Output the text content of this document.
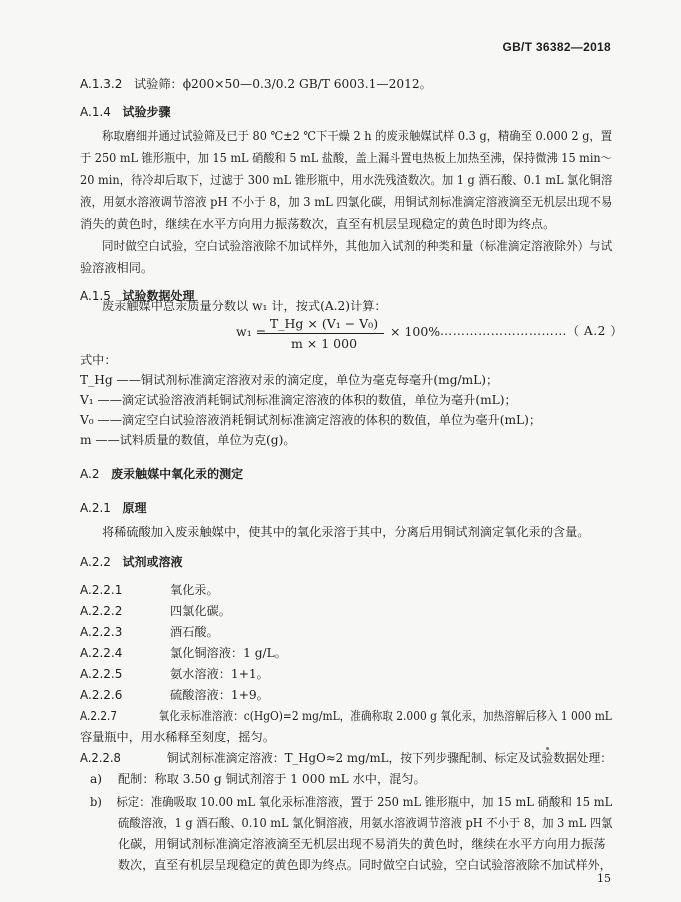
GB/T 36382—2018
A.1.3.2 试验筛：ϕ200×50—0.3/0.2 GB/T 6003.1—2012。
A.1.4 试验步骤
称取磨细并通过试验筛及已于 80 ℃±2 ℃下干燥 2 h 的废汞触媒试样 0.3 g，精确至 0.000 2 g，置
于 250 mL 锥形瓶中，加 15 mL 硝酸和 5 mL 盐酸，盖上漏斗置电热板上加热至沸，保持微沸 15 min～
20 min，待冷却后取下，过滤于 300 mL 锥形瓶中，用水洗残渣数次。加 1 g 酒石酸、0.1 mL 氯化铜溶
液，用氨水溶液调节溶液 pH 不小于 8，加 3 mL 四氯化碳，用铜试剂标准滴定溶液滴至无机层出现不易
消失的黄色时，继续在水平方向用力振荡数次，直至有机层呈现稳定的黄色时即为终点。
同时做空白试验，空白试验溶液除不加试样外，其他加入试剂的种类和量（标准滴定溶液除外）与试
验溶液相同。
A.1.5 试验数据处理
废汞触媒中总汞质量分数以 w₁ 计，按式(A.2)计算：
w₁ =
T_Hg × (V₁ − V₀)
m × 1 000
× 100% …………………………（ A.2 ）
式中：
T_Hg ——铜试剂标准滴定溶液对汞的滴定度，单位为毫克每毫升(mg/mL)；
V₁ ——滴定试验溶液消耗铜试剂标准滴定溶液的体积的数值，单位为毫升(mL)；
V₀ ——滴定空白试验溶液消耗铜试剂标准滴定溶液的体积的数值，单位为毫升(mL)；
m ——试料质量的数值，单位为克(g)。
A.2 废汞触媒中氧化汞的测定
A.2.1 原理
将稀硫酸加入废汞触媒中，使其中的氧化汞溶于其中，分离后用铜试剂滴定氧化汞的含量。
A.2.2 试剂或溶液
A.2.2.1	氧化汞。
A.2.2.2	四氯化碳。
A.2.2.3	酒石酸。
A.2.2.4	氯化铜溶液：1 g/L。
A.2.2.5	氨水溶液：1+1。
A.2.2.6	硫酸溶液：1+9。
A.2.2.7	氧化汞标准溶液：c(HgO)=2 mg/mL，准确称取 2.000 g 氧化汞，加热溶解后移入 1 000 mL
容量瓶中，用水稀释至刻度，摇匀。
A.2.2.8	铜试剂标准滴定溶液：T_HgO≈2 mg/mL，按下列步骤配制、标定及试验数据处理：
a) 配制：称取 3.50 g 铜试剂溶于 1 000 mL 水中，混匀。
b) 标定：准确吸取 10.00 mL 氧化汞标准溶液，置于 250 mL 锥形瓶中，加 15 mL 硝酸和 15 mL
硫酸溶液，1 g 酒石酸、0.10 mL 氯化铜溶液，用氨水溶液调节溶液 pH 不小于 8，加 3 mL 四氯
化碳，用铜试剂标准滴定溶液滴至无机层出现不易消失的黄色时，继续在水平方向用力振荡
数次，直至有机层呈现稳定的黄色即为终点。同时做空白试验，空白试验溶液除不加试样外，
15
